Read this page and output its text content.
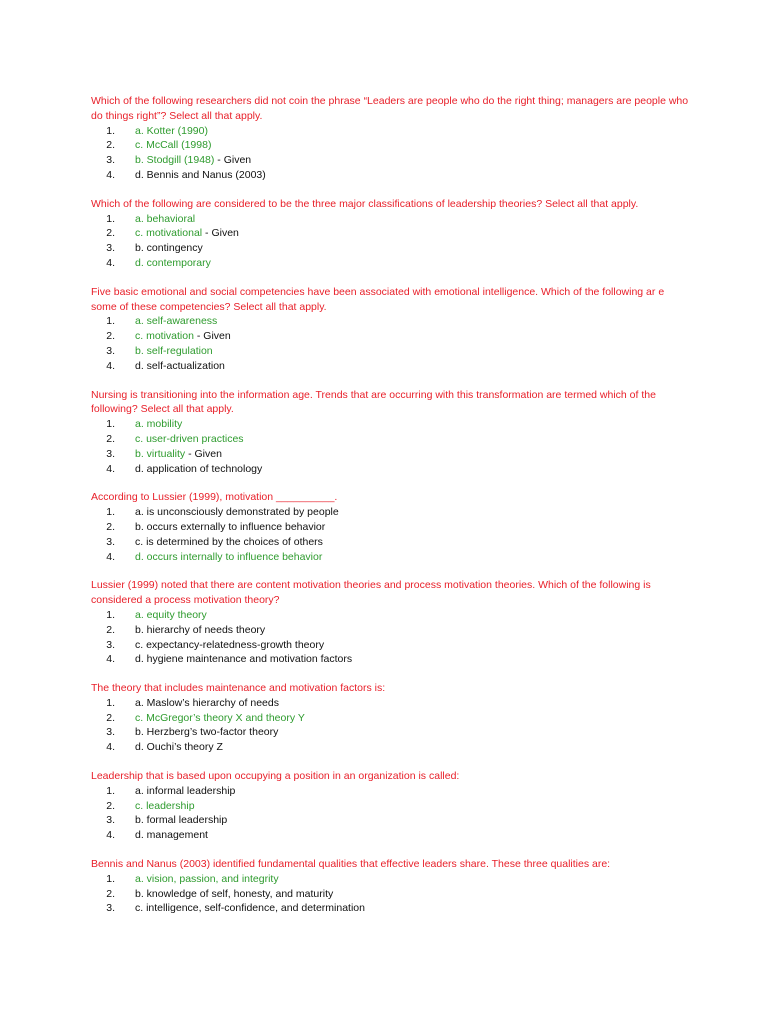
Which of the following researchers did not coin the phrase “Leaders are people who do the right thing; managers are people who do things right”? Select all that apply.

1. a. Kotter (1990)
2. c. McCall (1998)
3. b. Stodgill (1948) - Given
4. d. Bennis and Nanus (2003)

Which of the following are considered to be the three major classifications of leadership theories? Select all that apply.

1. a. behavioral
2. c. motivational - Given
3. b. contingency
4. d. contemporary

Five basic emotional and social competencies have been associated with emotional intelligence. Which of the following ar e some of these competencies? Select all that apply.

1. a. self-awareness
2. c. motivation - Given
3. b. self-regulation
4. d. self-actualization

Nursing is transitioning into the information age. Trends that are occurring with this transformation are termed which of the following? Select all that apply.

1. a. mobility
2. c. user-driven practices
3. b. virtuality - Given
4. d. application of technology

According to Lussier (1999), motivation __________.

1. a. is unconsciously demonstrated by people
2. b. occurs externally to influence behavior
3. c. is determined by the choices of others
4. d. occurs internally to influence behavior

Lussier (1999) noted that there are content motivation theories and process motivation theories. Which of the following is considered a process motivation theory?

1. a. equity theory
2. b. hierarchy of needs theory
3. c. expectancy-relatedness-growth theory
4. d. hygiene maintenance and motivation factors

The theory that includes maintenance and motivation factors is:

1. a. Maslow’s hierarchy of needs
2. c. McGregor’s theory X and theory Y
3. b. Herzberg’s two-factor theory
4. d. Ouchi’s theory Z

Leadership that is based upon occupying a position in an organization is called:

1. a. informal leadership
2. c. leadership
3. b. formal leadership
4. d. management

Bennis and Nanus (2003) identified fundamental qualities that effective leaders share. These three qualities are:

1. a. vision, passion, and integrity
2. b. knowledge of self, honesty, and maturity
3. c. intelligence, self-confidence, and determination
